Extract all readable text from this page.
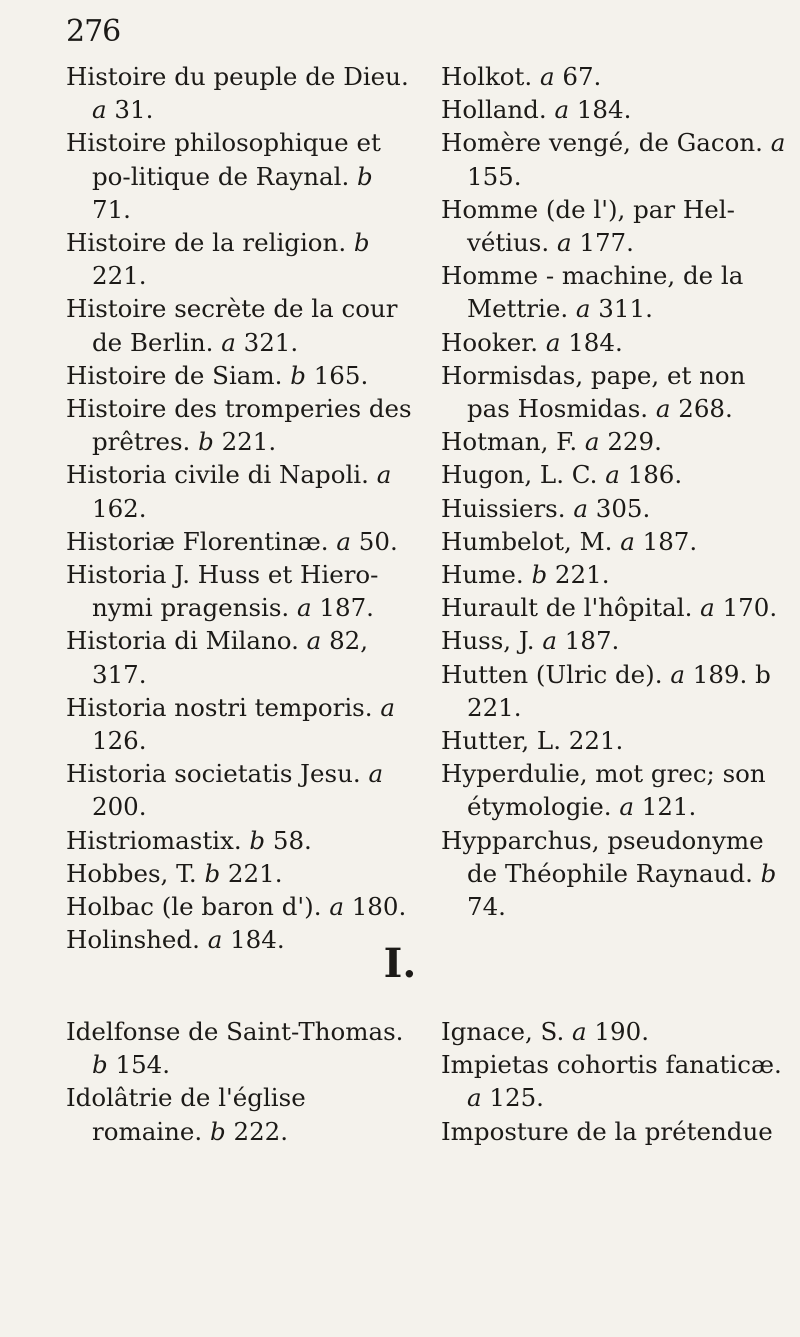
276

Histoire du peuple de Dieu. a 31.

Histoire philosophique et po-litique de Raynal. b 71.

Histoire de la religion. b 221.

Histoire secrète de la cour de Berlin. a 321.

Histoire de Siam. b 165.

Histoire des tromperies des prêtres. b 221.

Historia civile di Napoli. a 162.

Historiæ Florentinæ. a 50.

Historia J. Huss et Hiero-nymi pragensis. a 187.

Historia di Milano. a 82, 317.

Historia nostri temporis. a 126.

Historia societatis Jesu. a 200.

Histriomastix. b 58.

Hobbes, T. b 221.

Holbac (le baron d'). a 180.

Holinshed. a 184.

Holkot. a 67.

Holland. a 184.

Homère vengé, de Gacon. a 155.

Homme (de l'), par Hel-vétius. a 177.

Homme - machine, de la Mettrie. a 311.

Hooker. a 184.

Hormisdas, pape, et non pas Hosmidas. a 268.

Hotman, F. a 229.

Hugon, L. C. a 186.

Huissiers. a 305.

Humbelot, M. a 187.

Hume. b 221.

Hurault de l'hôpital. a 170.

Huss, J. a 187.

Hutten (Ulric de). a 189. b 221.

Hutter, L. 221.

Hyperdulie, mot grec; son étymologie. a 121.

Hypparchus, pseudonyme de Théophile Raynaud. b 74.

I.

Idelfonse de Saint-Thomas. b 154.

Idolâtrie de l'église romaine. b 222.

Ignace, S. a 190.

Impietas cohortis fanaticæ. a 125.

Imposture de la prétendue
